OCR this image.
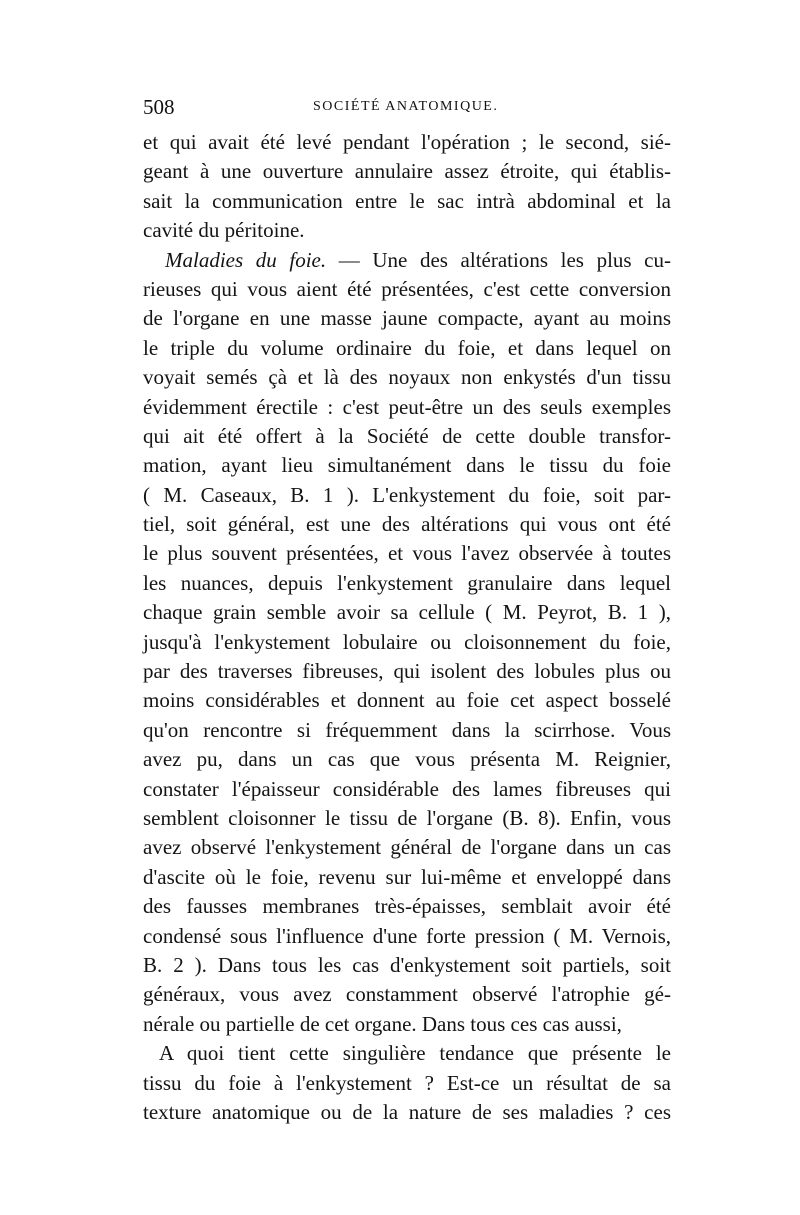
508	SOCIÉTÉ ANATOMIQUE.
et qui avait été levé pendant l'opération ; le second, sié-
geant à une ouverture annulaire assez étroite, qui établis-
sait la communication entre le sac intrà abdominal et la
cavité du péritoine.
Maladies du foie. — Une des altérations les plus cu-
rieuses qui vous aient été présentées, c'est cette conversion
de l'organe en une masse jaune compacte, ayant au moins
le triple du volume ordinaire du foie, et dans lequel on
voyait semés çà et là des noyaux non enkystés d'un tissu
évidemment érectile : c'est peut-être un des seuls exemples
qui ait été offert à la Société de cette double transfor-
mation, ayant lieu simultanément dans le tissu du foie
( M. Caseaux, B. 1 ). L'enkystement du foie, soit par-
tiel, soit général, est une des altérations qui vous ont été
le plus souvent présentées, et vous l'avez observée à toutes
les nuances, depuis l'enkystement granulaire dans lequel
chaque grain semble avoir sa cellule ( M. Peyrot, B. 1 ),
jusqu'à l'enkystement lobulaire ou cloisonnement du foie,
par des traverses fibreuses, qui isolent des lobules plus ou
moins considérables et donnent au foie cet aspect bosselé
qu'on rencontre si fréquemment dans la scirrhose. Vous
avez pu, dans un cas que vous présenta M. Reignier,
constater l'épaisseur considérable des lames fibreuses qui
semblent cloisonner le tissu de l'organe (B. 8). Enfin, vous
avez observé l'enkystement général de l'organe dans un cas
d'ascite où le foie, revenu sur lui-même et enveloppé dans
des fausses membranes très-épaisses, semblait avoir été
condensé sous l'influence d'une forte pression ( M. Vernois,
B. 2 ). Dans tous les cas d'enkystement soit partiels, soit
généraux, vous avez constamment observé l'atrophie gé-
nérale ou partielle de cet organe. Dans tous ces cas aussi,
A quoi tient cette singulière tendance que présente le
tissu du foie à l'enkystement ? Est-ce un résultat de sa
texture anatomique ou de la nature de ses maladies ? ces
